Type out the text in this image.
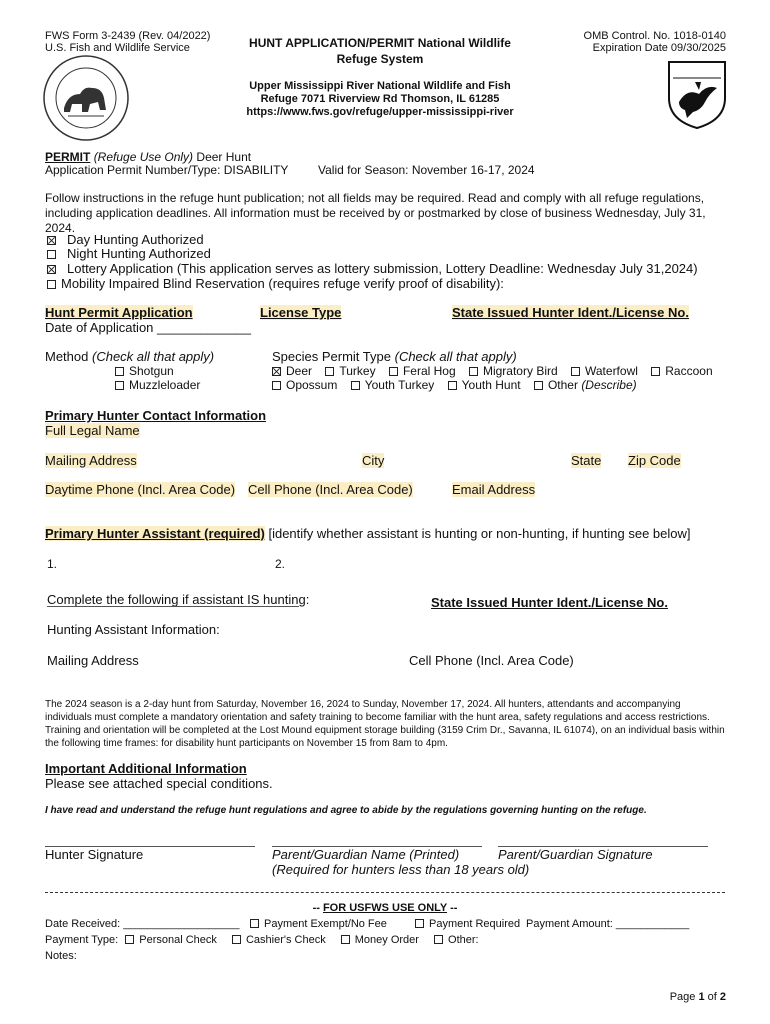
FWS Form 3-2439 (Rev. 04/2022)
U.S. Fish and Wildlife Service	HUNT APPLICATION/PERMIT National Wildlife
Refuge System
OMB Control. No. 1018-0140
Expiration Date 09/30/2025
Upper Mississippi River National Wildlife and Fish
Refuge 7071 Riverview Rd Thomson, IL 61285
https://www.fws.gov/refuge/upper-mississippi-river
PERMIT (Refuge Use Only) Deer Hunt
Application Permit Number/Type: DISABILITY Valid for Season: November 16-17, 2024
Follow instructions in the refuge hunt publication; not all fields may be required. Read and comply with all refuge regulations, including application deadlines. All information must be received by or postmarked by close of business Wednesday, July 31, 2024.
Day Hunting Authorized
Night Hunting Authorized
Lottery Application (This application serves as lottery submission, Lottery Deadline: Wednesday July 31,2024)
Mobility Impaired Blind Reservation (requires refuge verify proof of disability):
Hunt Permit Application	License Type	State Issued Hunter Ident./License No.
Date of Application _____________
Method (Check all that apply)
Shotgun
Muzzleloader
Species Permit Type (Check all that apply)
Deer Turkey Feral Hog Migratory Bird Waterfowl Raccoon
Opossum Youth Turkey Youth Hunt Other (Describe)
Primary Hunter Contact Information
Full Legal Name
Mailing Address	City	State Zip Code
Daytime Phone (Incl. Area Code) Cell Phone (Incl. Area Code)	Email Address
Primary Hunter Assistant (required) [identify whether assistant is hunting or non-hunting, if hunting see below]
1.	2.
Complete the following if assistant IS hunting:	State Issued Hunter Ident./License No.
Hunting Assistant Information:
Mailing Address	Cell Phone (Incl. Area Code)
The 2024 season is a 2-day hunt from Saturday, November 16, 2024 to Sunday, November 17, 2024. All hunters, attendants and accompanying individuals must complete a mandatory orientation and safety training to become familiar with the hunt area, safety regulations and access restrictions. Training and orientation will be completed at the Lost Mound equipment storage building (3159 Crim Dr., Savanna, IL 61074), on an individual basis within the following time frames: for disability hunt participants on November 15 from 8am to 4pm.
Important Additional Information
Please see attached special conditions.
I have read and understand the refuge hunt regulations and agree to abide by the regulations governing hunting on the refuge.
Hunter Signature	Parent/Guardian Name (Printed)	Parent/Guardian Signature
(Required for hunters less than 18 years old)
-- FOR USFWS USE ONLY --
Date Received: ___________________	Payment Exempt/No Fee	Payment Required Payment Amount: ____________
Payment Type: Personal Check	Cashier's Check	Money Order	Other:
Notes:
Page 1 of 2
